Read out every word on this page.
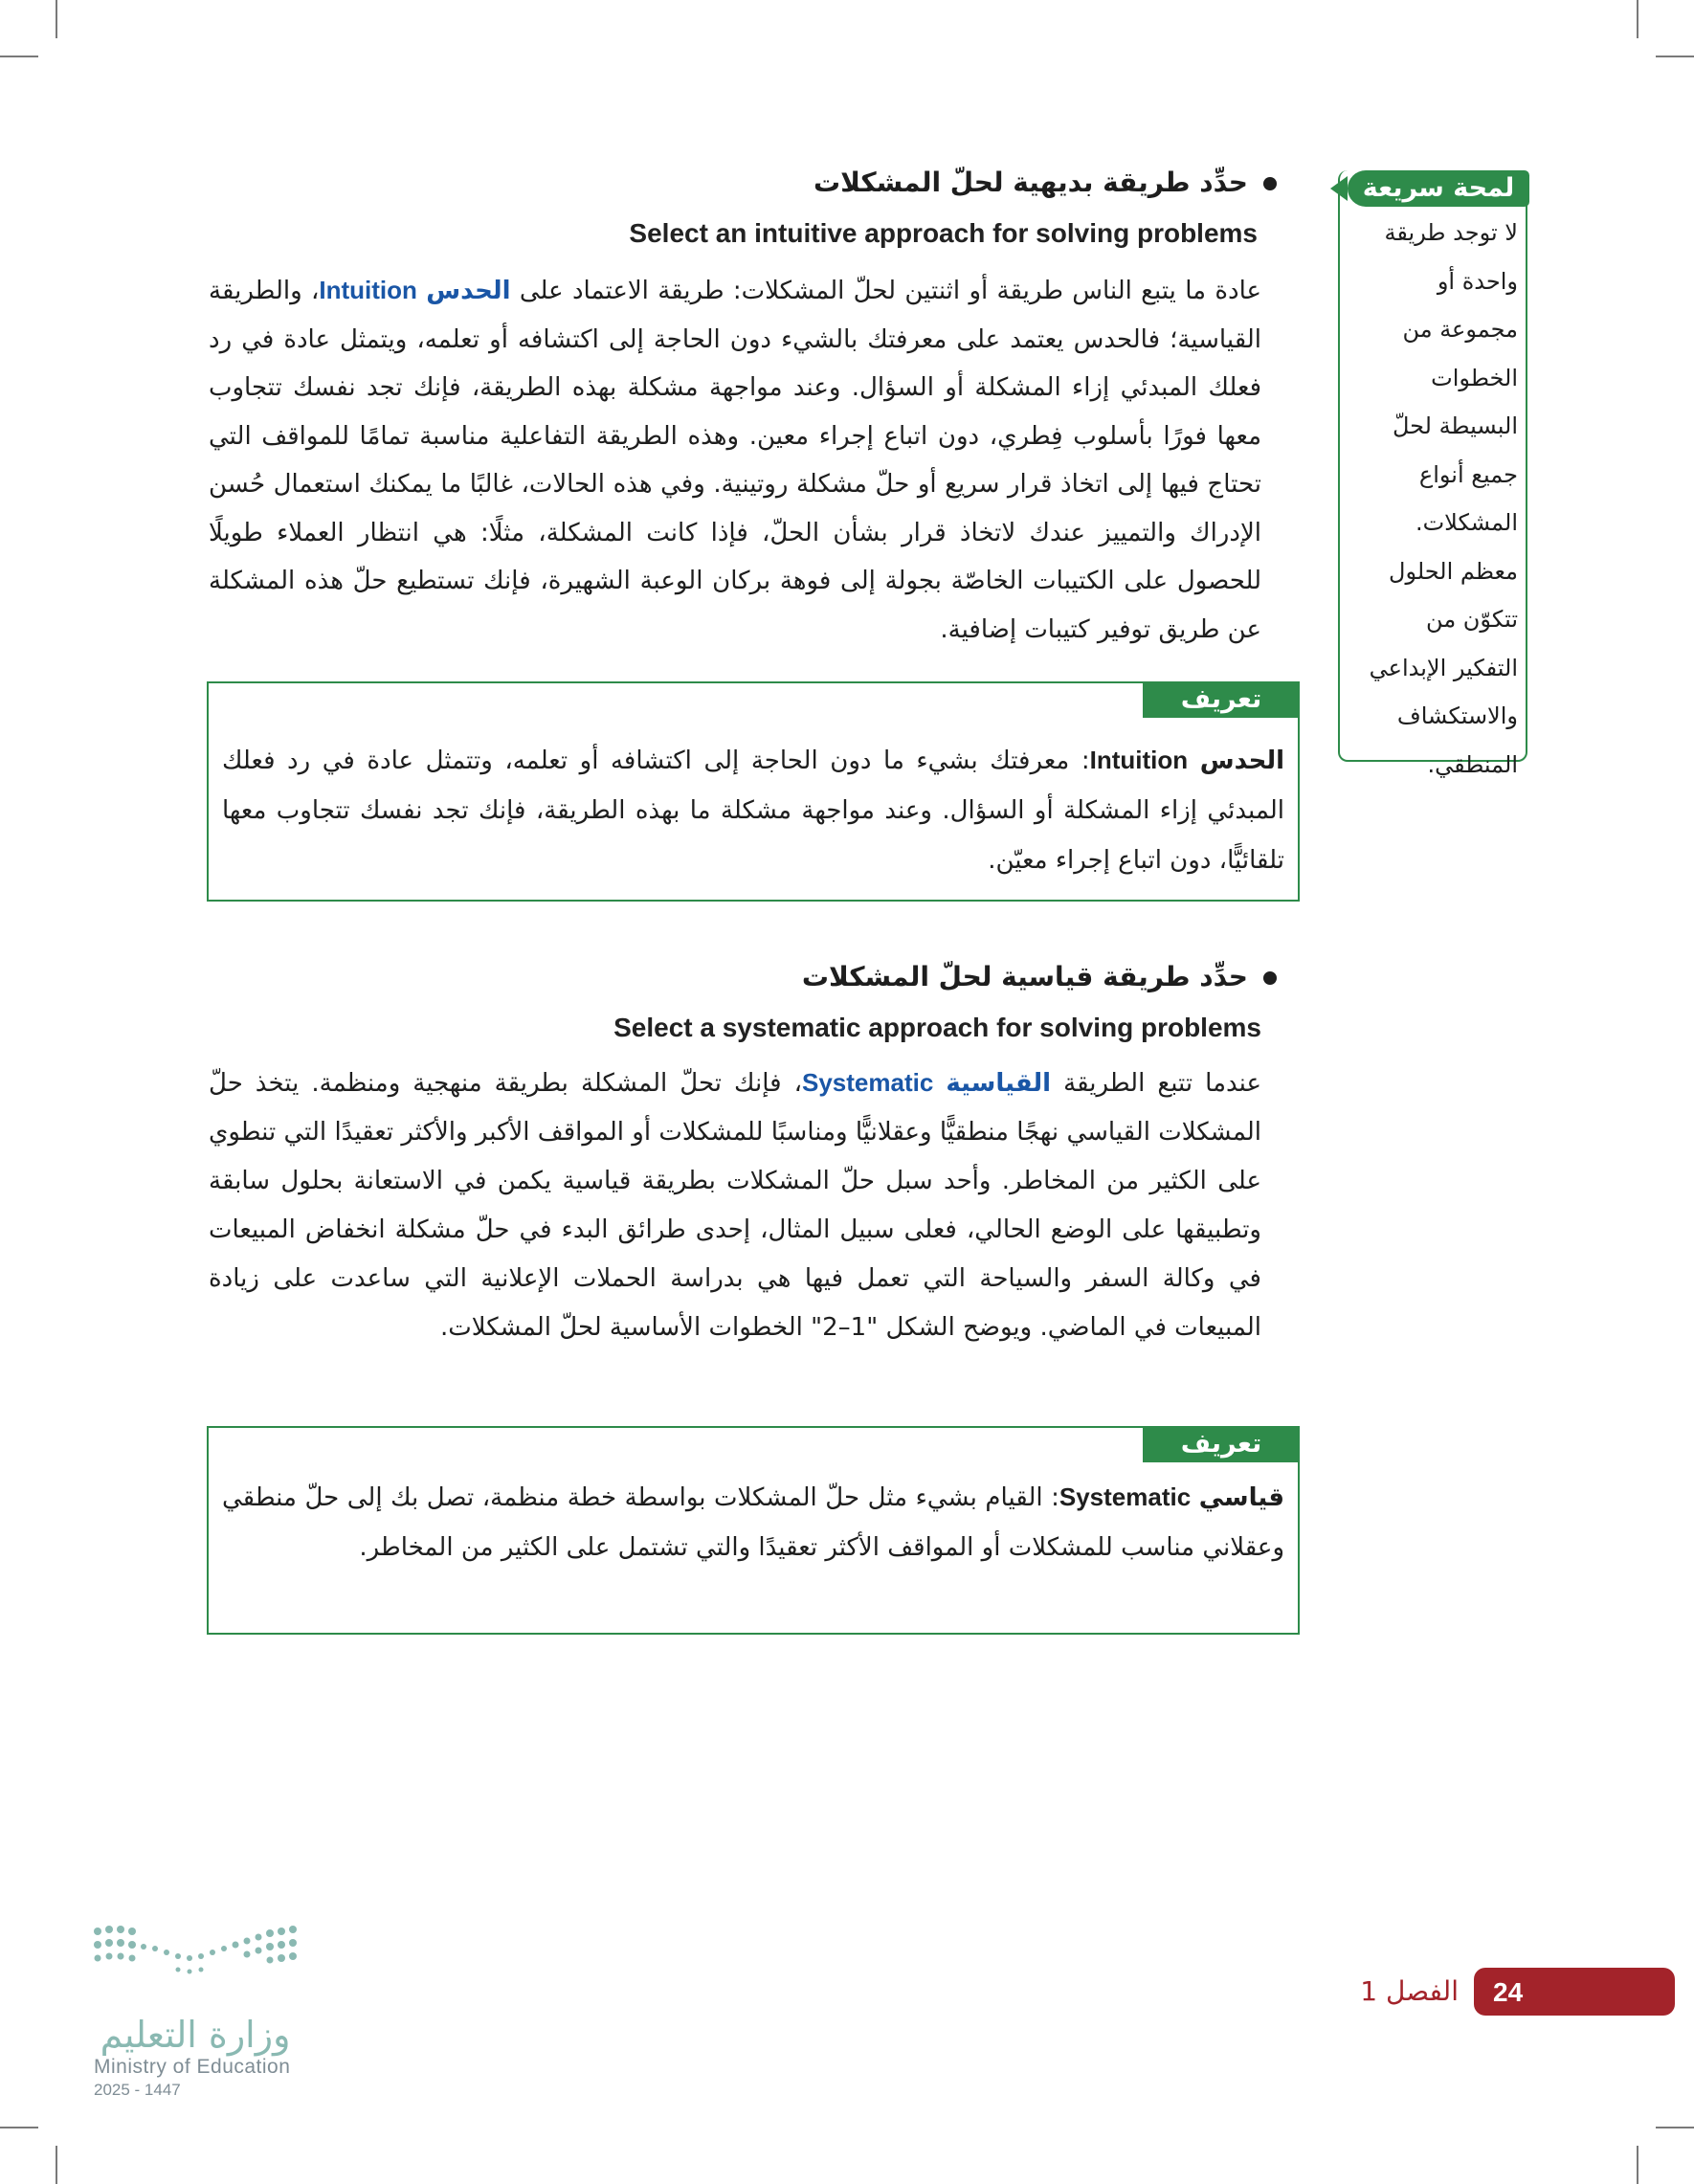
لمحة سريعة
لا توجد طريقة
واحدة أو
مجموعة من
الخطوات
البسيطة لحلّ
جميع أنواع
المشكلات.
معظم الحلول
تتكوّن من
التفكير الإبداعي
والاستكشاف
المنطقي.
حدِّد طريقة بديهية لحلّ المشكلات
Select an intuitive approach for solving problems
عادة ما يتبع الناس طريقة أو اثنتين لحلّ المشكلات: طريقة الاعتماد على الحدس Intuition، والطريقة القياسية؛ فالحدس يعتمد على معرفتك بالشيء دون الحاجة إلى اكتشافه أو تعلمه، ويتمثل عادة في رد فعلك المبدئي إزاء المشكلة أو السؤال. وعند مواجهة مشكلة بهذه الطريقة، فإنك تجد نفسك تتجاوب معها فورًا بأسلوب فِطري، دون اتباع إجراء معين. وهذه الطريقة التفاعلية مناسبة تمامًا للمواقف التي تحتاج فيها إلى اتخاذ قرار سريع أو حلّ مشكلة روتينية. وفي هذه الحالات، غالبًا ما يمكنك استعمال حُسن الإدراك والتمييز عندك لاتخاذ قرار بشأن الحلّ، فإذا كانت المشكلة، مثلًا: هي انتظار العملاء طويلًا للحصول على الكتيبات الخاصّة بجولة إلى فوهة بركان الوعبة الشهيرة، فإنك تستطيع حلّ هذه المشكلة عن طريق توفير كتيبات إضافية.
تعريف
الحدس Intuition: معرفتك بشيء ما دون الحاجة إلى اكتشافه أو تعلمه، وتتمثل عادة في رد فعلك المبدئي إزاء المشكلة أو السؤال. وعند مواجهة مشكلة ما بهذه الطريقة، فإنك تجد نفسك تتجاوب معها تلقائيًّا، دون اتباع إجراء معيّن.
حدِّد طريقة قياسية لحلّ المشكلات
Select a systematic approach for solving problems
عندما تتبع الطريقة القياسية Systematic، فإنك تحلّ المشكلة بطريقة منهجية ومنظمة. يتخذ حلّ المشكلات القياسي نهجًا منطقيًّا وعقلانيًّا ومناسبًا للمشكلات أو المواقف الأكبر والأكثر تعقيدًا التي تنطوي على الكثير من المخاطر. وأحد سبل حلّ المشكلات بطريقة قياسية يكمن في الاستعانة بحلول سابقة وتطبيقها على الوضع الحالي، فعلى سبيل المثال، إحدى طرائق البدء في حلّ مشكلة انخفاض المبيعات في وكالة السفر والسياحة التي تعمل فيها هي بدراسة الحملات الإعلانية التي ساعدت على زيادة المبيعات في الماضي. ويوضح الشكل "1–2" الخطوات الأساسية لحلّ المشكلات.
تعريف
قياسي Systematic: القيام بشيء مثل حلّ المشكلات بواسطة خطة منظمة، تصل بك إلى حلّ منطقي وعقلاني مناسب للمشكلات أو المواقف الأكثر تعقيدًا والتي تشتمل على الكثير من المخاطر.
24
الفصل 1
وزارة التعليم
Ministry of Education
2025 - 1447
